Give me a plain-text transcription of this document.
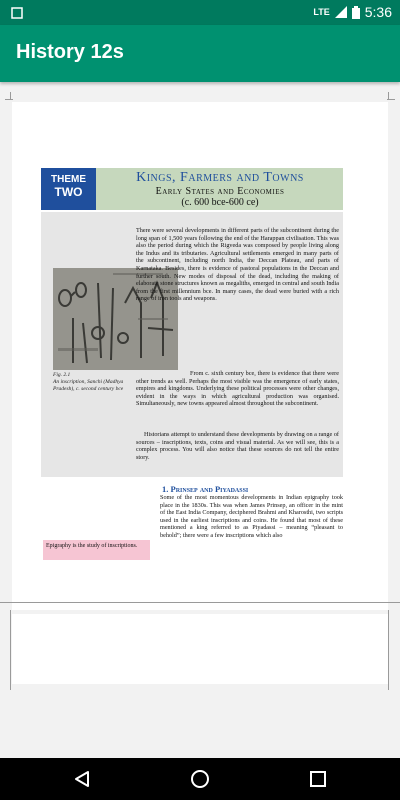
LTE	5:36
History 12s
THEME
TWO
Kings, Farmers and Towns
Early States and Economies
(c. 600 bce-600 ce)
Fig. 2.1
An inscription, Sanchi (Madhya Pradesh), c. second century bce
There were several developments in different parts of the subcontinent during the long span of 1,500 years following the end of the Harappan civilisation. This was also the period during which the Rigveda was composed by people living along the Indus and its tributaries. Agricultural settlements emerged in many parts of the subcontinent, including north India, the Deccan Plateau, and parts of Karnataka. Besides, there is evidence of pastoral populations in the Deccan and further south. New modes of disposal of the dead, including the making of elaborate stone structures known as megaliths, emerged in central and south India from the first millennium bce. In many cases, the dead were buried with a rich range of iron tools and weapons.
From c. sixth century bce, there is evidence that there were other trends as well. Perhaps the most visible was the emergence of early states, empires and kingdoms. Underlying these political processes were other changes, evident in the ways in which agricultural production was organised. Simultaneously, new towns appeared almost throughout the subcontinent.
Historians attempt to understand these developments by drawing on a range of sources – inscriptions, texts, coins and visual material. As we will see, this is a complex process. You will also notice that these sources do not tell the entire story.
1. Prinsep and Piyadassi
Some of the most momentous developments in Indian epigraphy took place in the 1830s. This was when James Prinsep, an officer in the mint of the East India Company, deciphered Brahmi and Kharosthi, two scripts used in the earliest inscriptions and coins. He found that most of these mentioned a king referred to as Piyadassi – meaning “pleasant to behold”; there were a few inscriptions which also
Epigraphy is the study of inscriptions.
